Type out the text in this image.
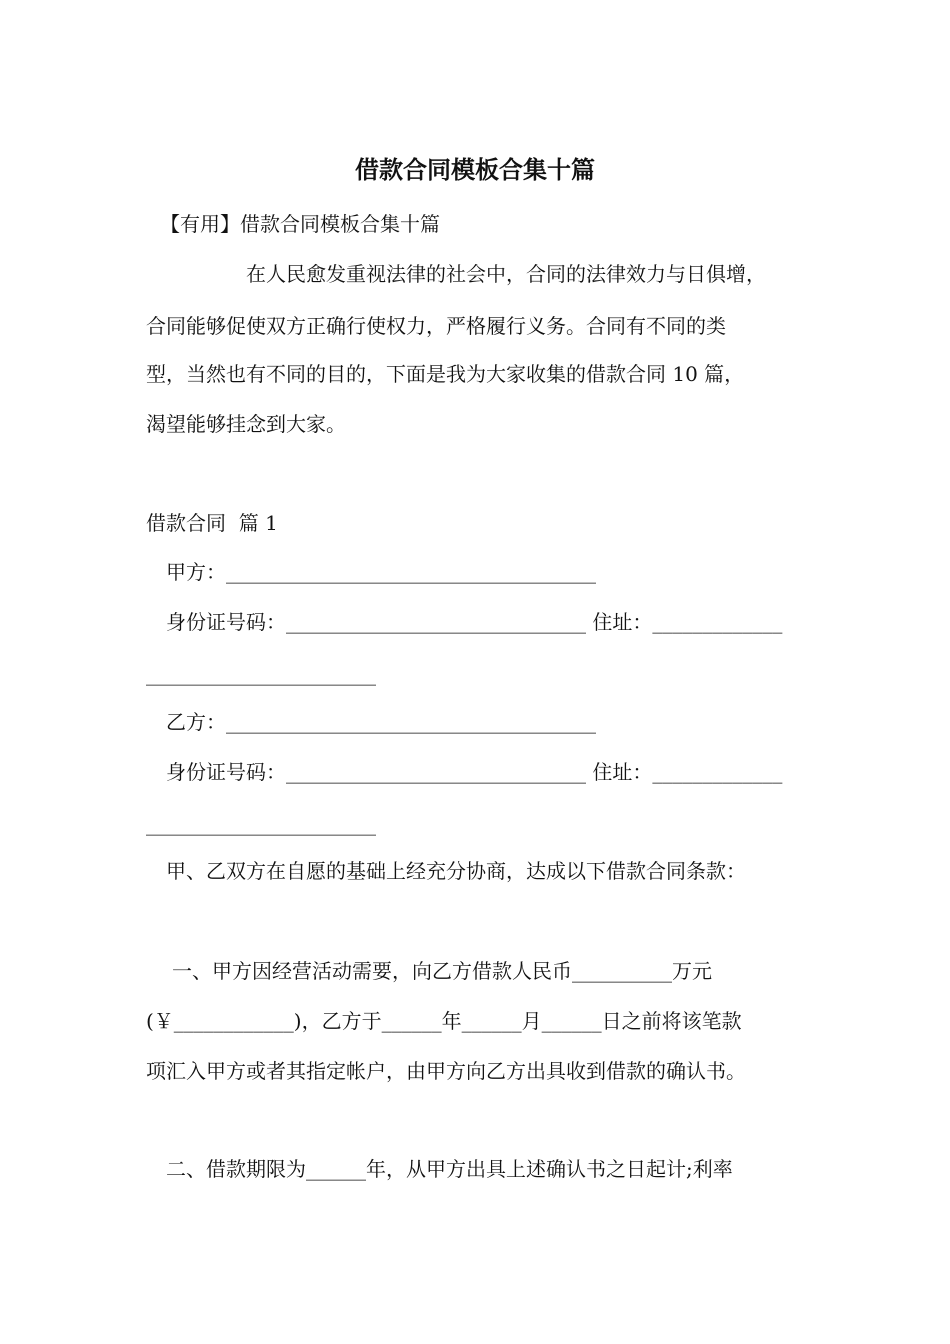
借款合同模板合集十篇
【有用】借款合同模板合集十篇
在人民愈发重视法律的社会中，合同的法律效力与日俱增，
合同能够促使双方正确行使权力，严格履行义务。合同有不同的类
型，当然也有不同的目的，下面是我为大家收集的借款合同 10 篇，
渴望能够挂念到大家。
借款合同  篇 1
甲方：_____________________________________
身份证号码：______________________________ 住址：_____________
_______________________
乙方：_____________________________________
身份证号码：______________________________ 住址：_____________
_______________________
甲、乙双方在自愿的基础上经充分协商，达成以下借款合同条款：
一、甲方因经营活动需要，向乙方借款人民币__________万元
(￥____________)，乙方于______年______月______日之前将该笔款
项汇入甲方或者其指定帐户，由甲方向乙方出具收到借款的确认书。
二、借款期限为______年，从甲方出具上述确认书之日起计;利率
